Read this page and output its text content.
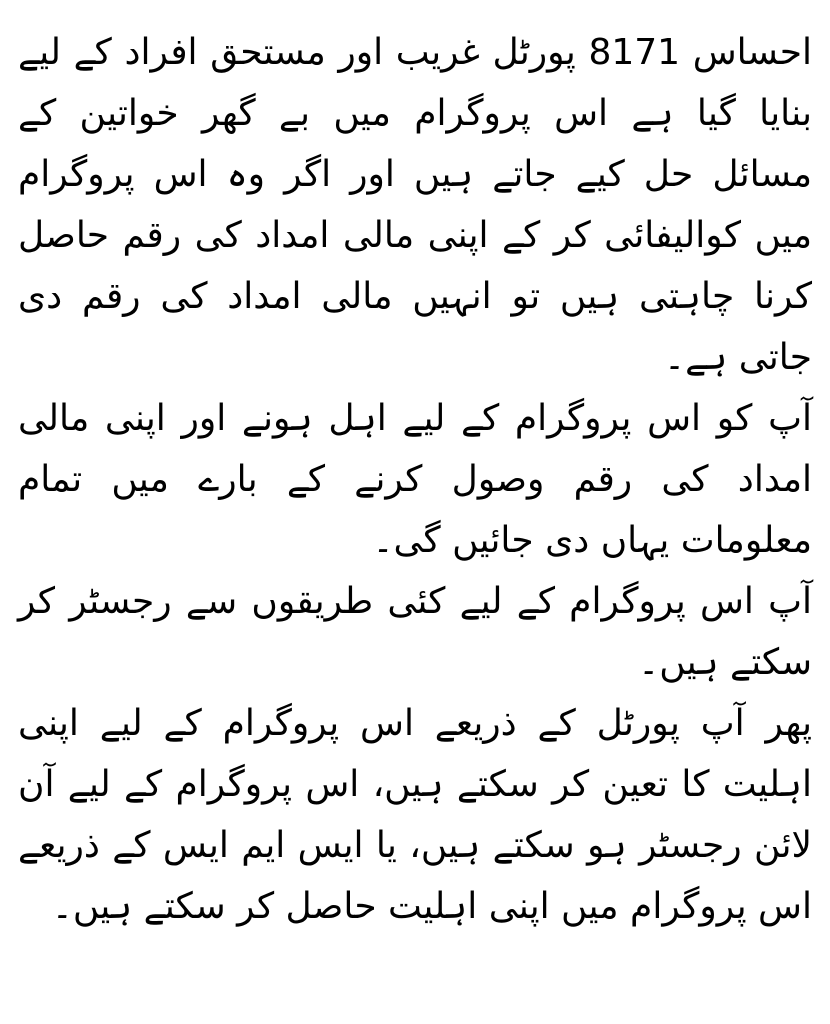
احساس 8171 پورٹل غریب اور مستحق افراد کے لیے بنایا گیا ہے اس پروگرام میں بے گھر خواتین کے مسائل حل کیے جاتے ہیں اور اگر وہ اس پروگرام میں کوالیفائی کر کے اپنی مالی امداد کی رقم حاصل کرنا چاہتی ہیں تو انہیں مالی امداد کی رقم دی جاتی ہے۔

آپ کو اس پروگرام کے لیے اہل ہونے اور اپنی مالی امداد کی رقم وصول کرنے کے بارے میں تمام معلومات یہاں دی جائیں گی۔

آپ اس پروگرام کے لیے کئی طریقوں سے رجسٹر کر سکتے ہیں۔

پھر آپ پورٹل کے ذریعے اس پروگرام کے لیے اپنی اہلیت کا تعین کر سکتے ہیں، اس پروگرام کے لیے آن لائن رجسٹر ہو سکتے ہیں، یا ایس ایم ایس کے ذریعے اس پروگرام میں اپنی اہلیت حاصل کر سکتے ہیں۔
